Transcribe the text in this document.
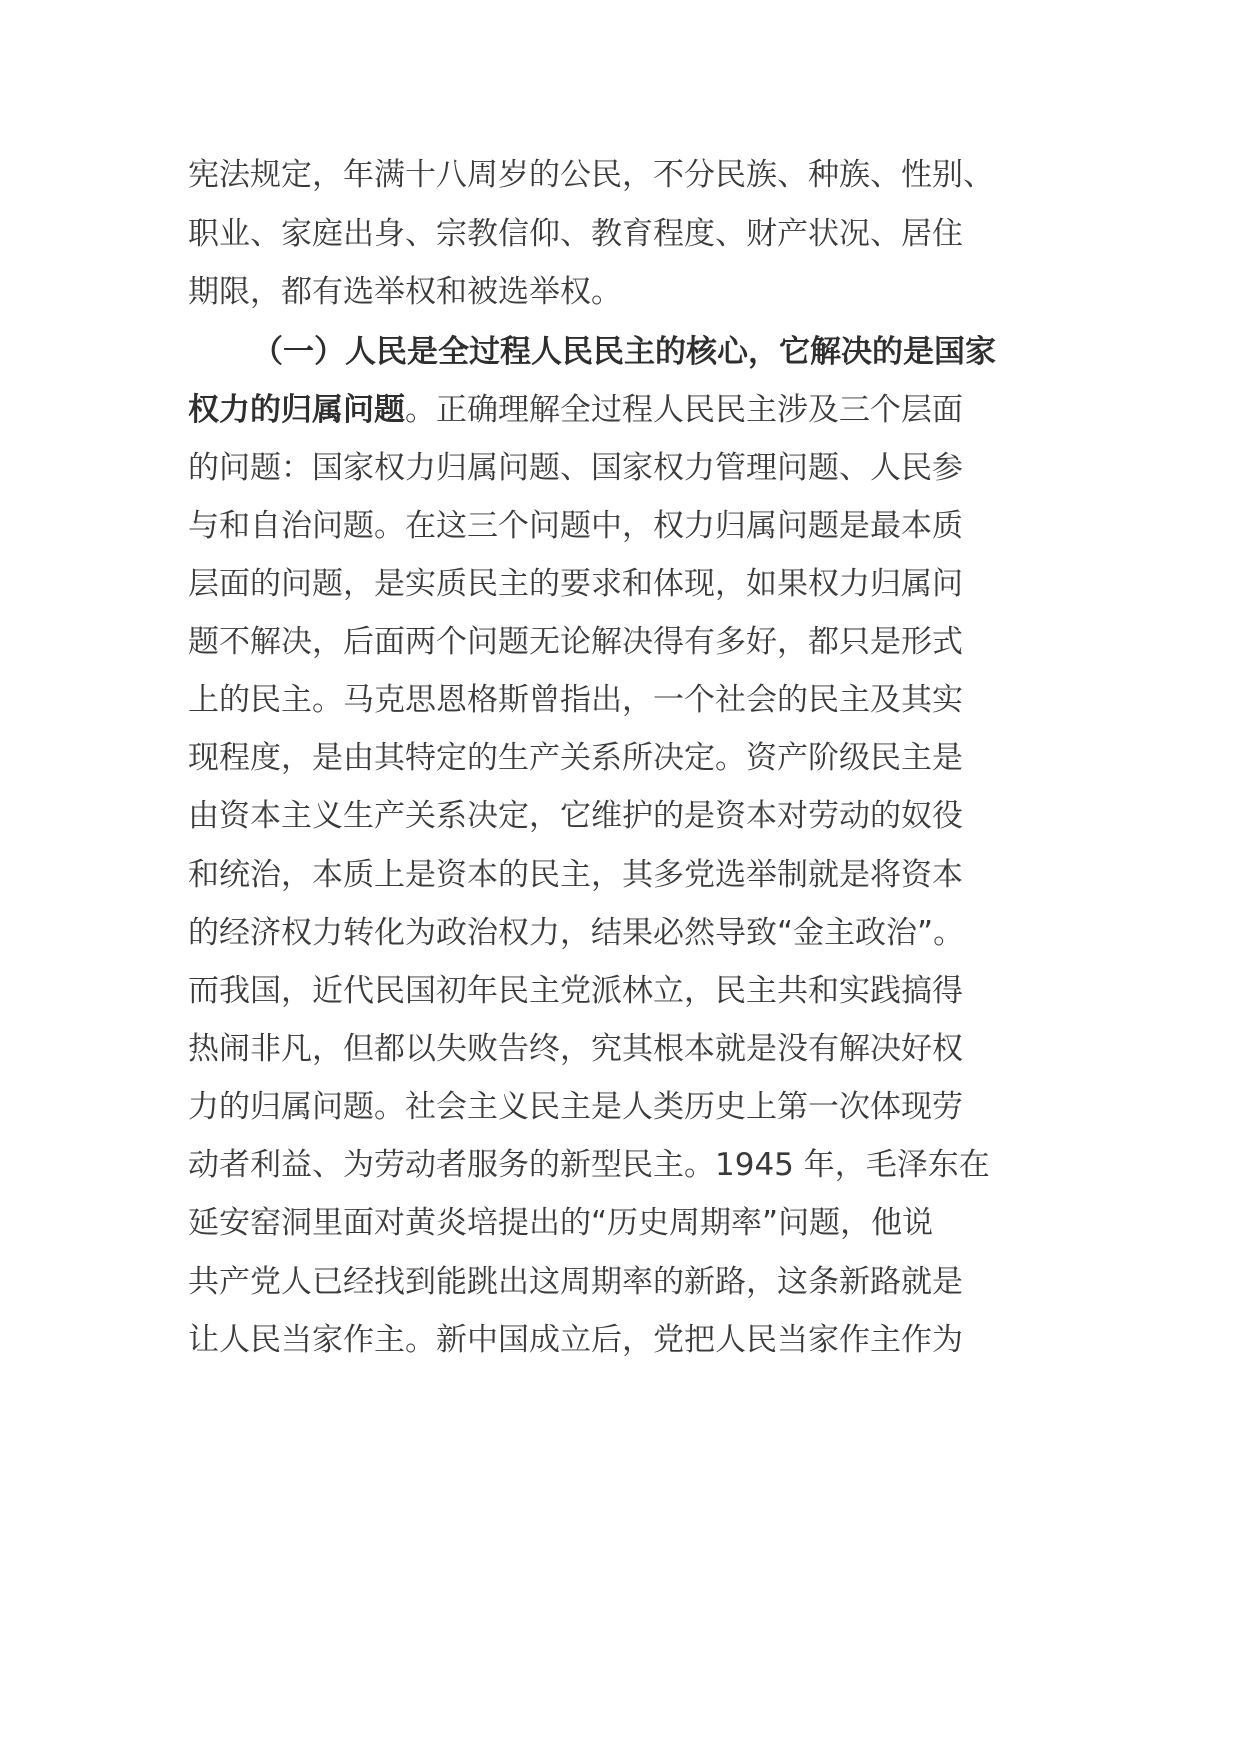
宪法规定，年满十八周岁的公民，不分民族、种族、性别、
职业、家庭出身、宗教信仰、教育程度、财产状况、居住
期限，都有选举权和被选举权。
（一）人民是全过程人民民主的核心，它解决的是国家
权力的归属问题。正确理解全过程人民民主涉及三个层面
的问题：国家权力归属问题、国家权力管理问题、人民参
与和自治问题。在这三个问题中，权力归属问题是最本质
层面的问题，是实质民主的要求和体现，如果权力归属问
题不解决，后面两个问题无论解决得有多好，都只是形式
上的民主。马克思恩格斯曾指出，一个社会的民主及其实
现程度，是由其特定的生产关系所决定。资产阶级民主是
由资本主义生产关系决定，它维护的是资本对劳动的奴役
和统治，本质上是资本的民主，其多党选举制就是将资本
的经济权力转化为政治权力，结果必然导致“金主政治”。
而我国，近代民国初年民主党派林立，民主共和实践搞得
热闹非凡，但都以失败告终，究其根本就是没有解决好权
力的归属问题。社会主义民主是人类历史上第一次体现劳
动者利益、为劳动者服务的新型民主。1945 年，毛泽东在
延安窑洞里面对黄炎培提出的“历史周期率”问题，他说
共产党人已经找到能跳出这周期率的新路，这条新路就是
让人民当家作主。新中国成立后，党把人民当家作主作为
